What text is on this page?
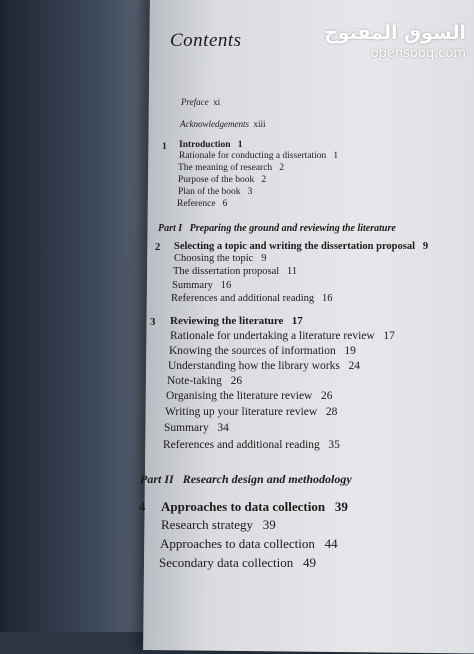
السوق المفتوح
opensooq.com
Contents
Preface xi
Acknowledgements xiii
1 Introduction 1
Rationale for conducting a dissertation 1
The meaning of research 2
Purpose of the book 2
Plan of the book 3
Reference 6
Part I Preparing the ground and reviewing the literature
2 Selecting a topic and writing the dissertation proposal 9
Choosing the topic 9
The dissertation proposal 11
Summary 16
References and additional reading 16
3 Reviewing the literature 17
Rationale for undertaking a literature review 17
Knowing the sources of information 19
Understanding how the library works 24
Note-taking 26
Organising the literature review 26
Writing up your literature review 28
Summary 34
References and additional reading 35
Part II Research design and methodology
4 Approaches to data collection 39
Research strategy 39
Approaches to data collection 44
Secondary data collection 49
